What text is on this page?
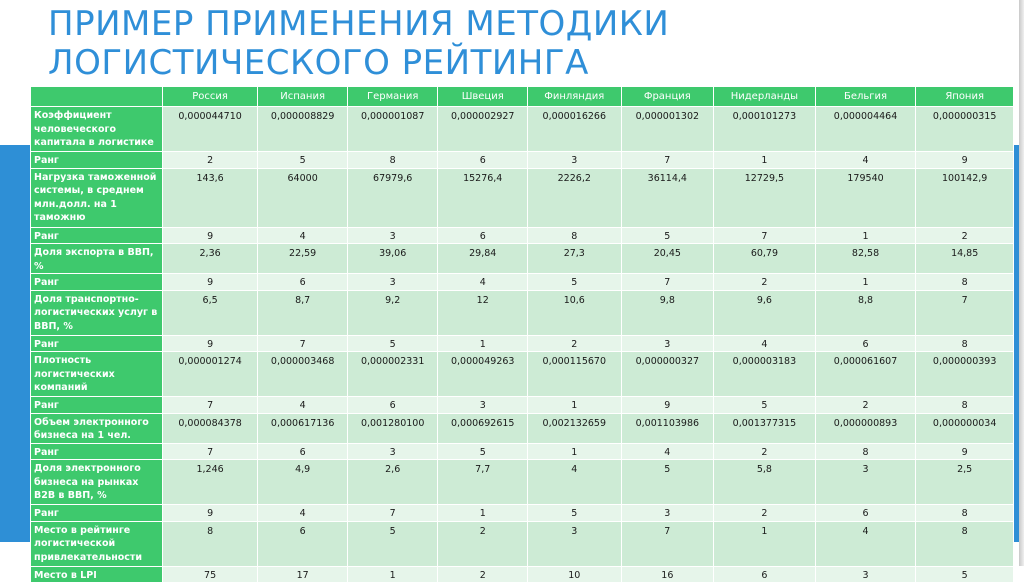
ПРИМЕР ПРИМЕНЕНИЯ МЕТОДИКИ
ЛОГИСТИЧЕСКОГО РЕЙТИНГА
	Россия	Испания	Германия	Швеция	Финляндия	Франция	Нидерланды	Бельгия	Япония
Коэффициент человеческого капитала в логистике	0,000044710	0,000008829	0,000001087	0,000002927	0,000016266	0,000001302	0,000101273	0,000004464	0,000000315
Ранг	2	5	8	6	3	7	1	4	9
Нагрузка таможенной системы, в среднем млн.долл. на 1 таможню	143,6	64000	67979,6	15276,4	2226,2	36114,4	12729,5	179540	100142,9
Ранг	9	4	3	6	8	5	7	1	2
Доля экспорта в ВВП, %	2,36	22,59	39,06	29,84	27,3	20,45	60,79	82,58	14,85
Ранг	9	6	3	4	5	7	2	1	8
Доля транспортно-логистических услуг в ВВП, %	6,5	8,7	9,2	12	10,6	9,8	9,6	8,8	7
Ранг	9	7	5	1	2	3	4	6	8
Плотность логистических компаний	0,000001274	0,000003468	0,000002331	0,000049263	0,000115670	0,000000327	0,000003183	0,000061607	0,000000393
Ранг	7	4	6	3	1	9	5	2	8
Объем электронного бизнеса на 1 чел.	0,000084378	0,000617136	0,001280100	0,000692615	0,002132659	0,001103986	0,001377315	0,000000893	0,000000034
Ранг	7	6	3	5	1	4	2	8	9
Доля электронного бизнеса на рынках B2B в ВВП, %	1,246	4,9	2,6	7,7	4	5	5,8	3	2,5
Ранг	9	4	7	1	5	3	2	6	8
Место в рейтинге логистической привлекательности	8	6	5	2	3	7	1	4	8
Место в LPI	75	17	1	2	10	16	6	3	5
